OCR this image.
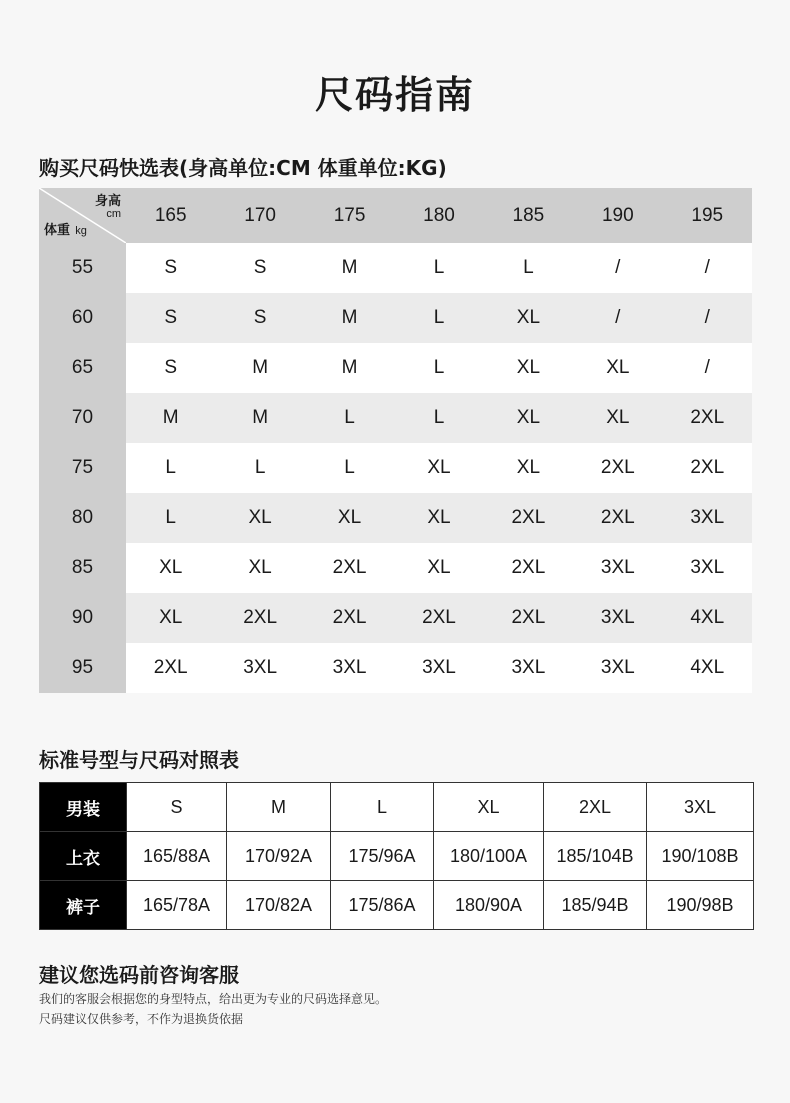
尺码指南
购买尺码快选表(身高单位:CM 体重单位:KG)
身高
cm
体重 kg	165	170	175	180	185	190	195
55	S	S	M	L	L	/	/
60	S	S	M	L	XL	/	/
65	S	M	M	L	XL	XL	/
70	M	M	L	L	XL	XL	2XL
75	L	L	L	XL	XL	2XL	2XL
80	L	XL	XL	XL	2XL	2XL	3XL
85	XL	XL	2XL	XL	2XL	3XL	3XL
90	XL	2XL	2XL	2XL	2XL	3XL	4XL
95	2XL	3XL	3XL	3XL	3XL	3XL	4XL
标准号型与尺码对照表
男装	S	M	L	XL	2XL	3XL
上衣	165/88A	170/92A	175/96A	180/100A	185/104B	190/108B
裤子	165/78A	170/82A	175/86A	180/90A	185/94B	190/98B
建议您选码前咨询客服
我们的客服会根据您的身型特点，给出更为专业的尺码选择意见。
尺码建议仅供参考，不作为退换货依据
